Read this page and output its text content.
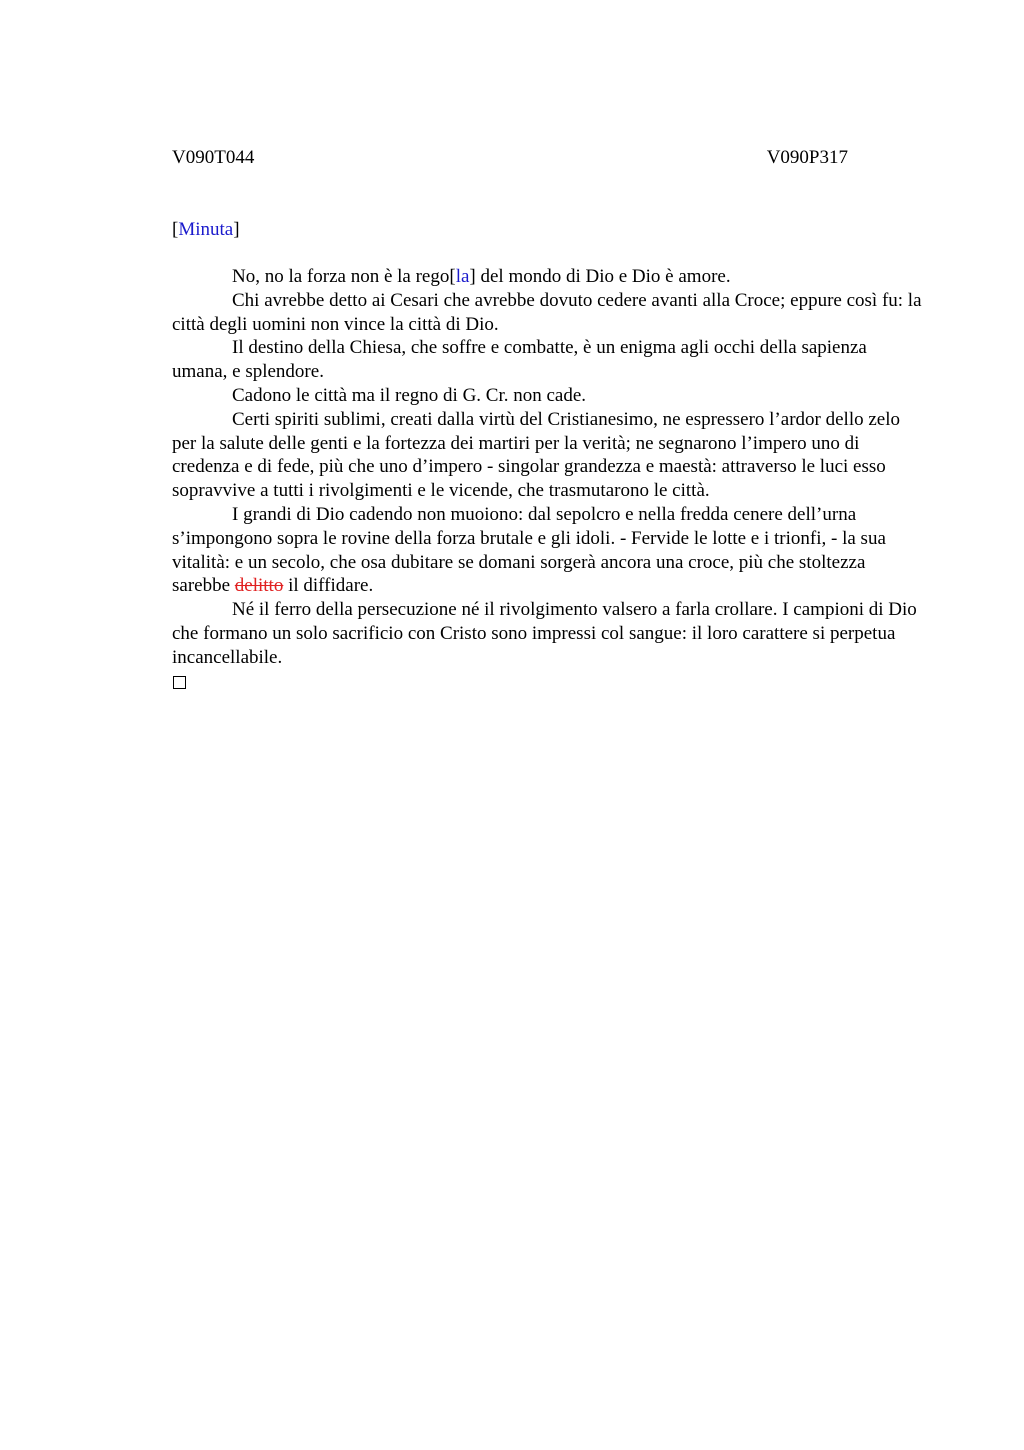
V090T044	V090P317
[Minuta]

No, no la forza non è la rego[la] del mondo di Dio e Dio è amore.

Chi avrebbe detto ai Cesari che avrebbe dovuto cedere avanti alla Croce; eppure così fu: la città degli uomini non vince la città di Dio.

Il destino della Chiesa, che soffre e combatte, è un enigma agli occhi della sapienza umana, e splendore.

Cadono le città ma il regno di G. Cr. non cade.

Certi spiriti sublimi, creati dalla virtù del Cristianesimo, ne espressero l’ardor dello zelo per la salute delle genti e la fortezza dei martiri per la verità; ne segnarono l’impero uno di credenza e di fede, più che uno d’impero - singolar grandezza e maestà: attraverso le luci esso sopravvive a tutti i rivolgimenti e le vicende, che trasmutarono le città.

I grandi di Dio cadendo non muoiono: dal sepolcro e nella fredda cenere dell’urna s’impongono sopra le rovine della forza brutale e gli idoli. - Fervide le lotte e i trionfi, - la sua vitalità: e un secolo, che osa dubitare se domani sorgerà ancora una croce, più che stoltezza sarebbe delitto il diffidare.

Né il ferro della persecuzione né il rivolgimento valsero a farla crollare. I campioni di Dio che formano un solo sacrificio con Cristo sono impressi col sangue: il loro carattere si perpetua incancellabile.
